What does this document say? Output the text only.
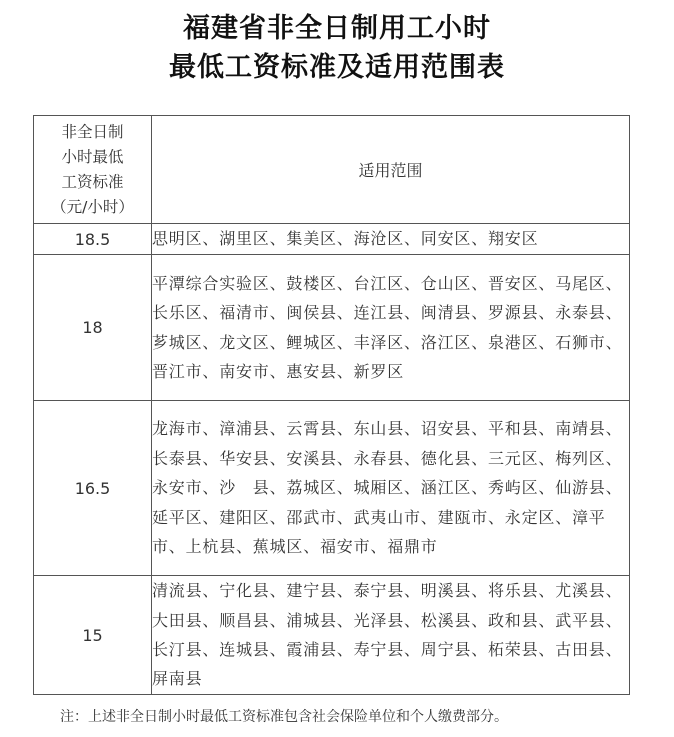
福建省非全日制用工小时
最低工资标准及适用范围表
非全日制
小时最低
工资标准
（元/小时）	适用范围
18.5	思明区、湖里区、集美区、海沧区、同安区、翔安区

18	平潭综合实验区、鼓楼区、台江区、仓山区、晋安区、马尾区、长乐区、福清市、闽侯县、连江县、闽清县、罗源县、永泰县、芗城区、龙文区、鲤城区、丰泽区、洛江区、泉港区、石狮市、晋江市、南安市、惠安县、新罗区

16.5	龙海市、漳浦县、云霄县、东山县、诏安县、平和县、南靖县、长泰县、华安县、安溪县、永春县、德化县、三元区、梅列区、永安市、沙　县、荔城区、城厢区、涵江区、秀屿区、仙游县、延平区、建阳区、邵武市、武夷山市、建瓯市、永定区、漳平市、上杭县、蕉城区、福安市、福鼎市

15	清流县、宁化县、建宁县、泰宁县、明溪县、将乐县、尤溪县、大田县、顺昌县、浦城县、光泽县、松溪县、政和县、武平县、长汀县、连城县、霞浦县、寿宁县、周宁县、柘荣县、古田县、屏南县
注：上述非全日制小时最低工资标准包含社会保险单位和个人缴费部分。
